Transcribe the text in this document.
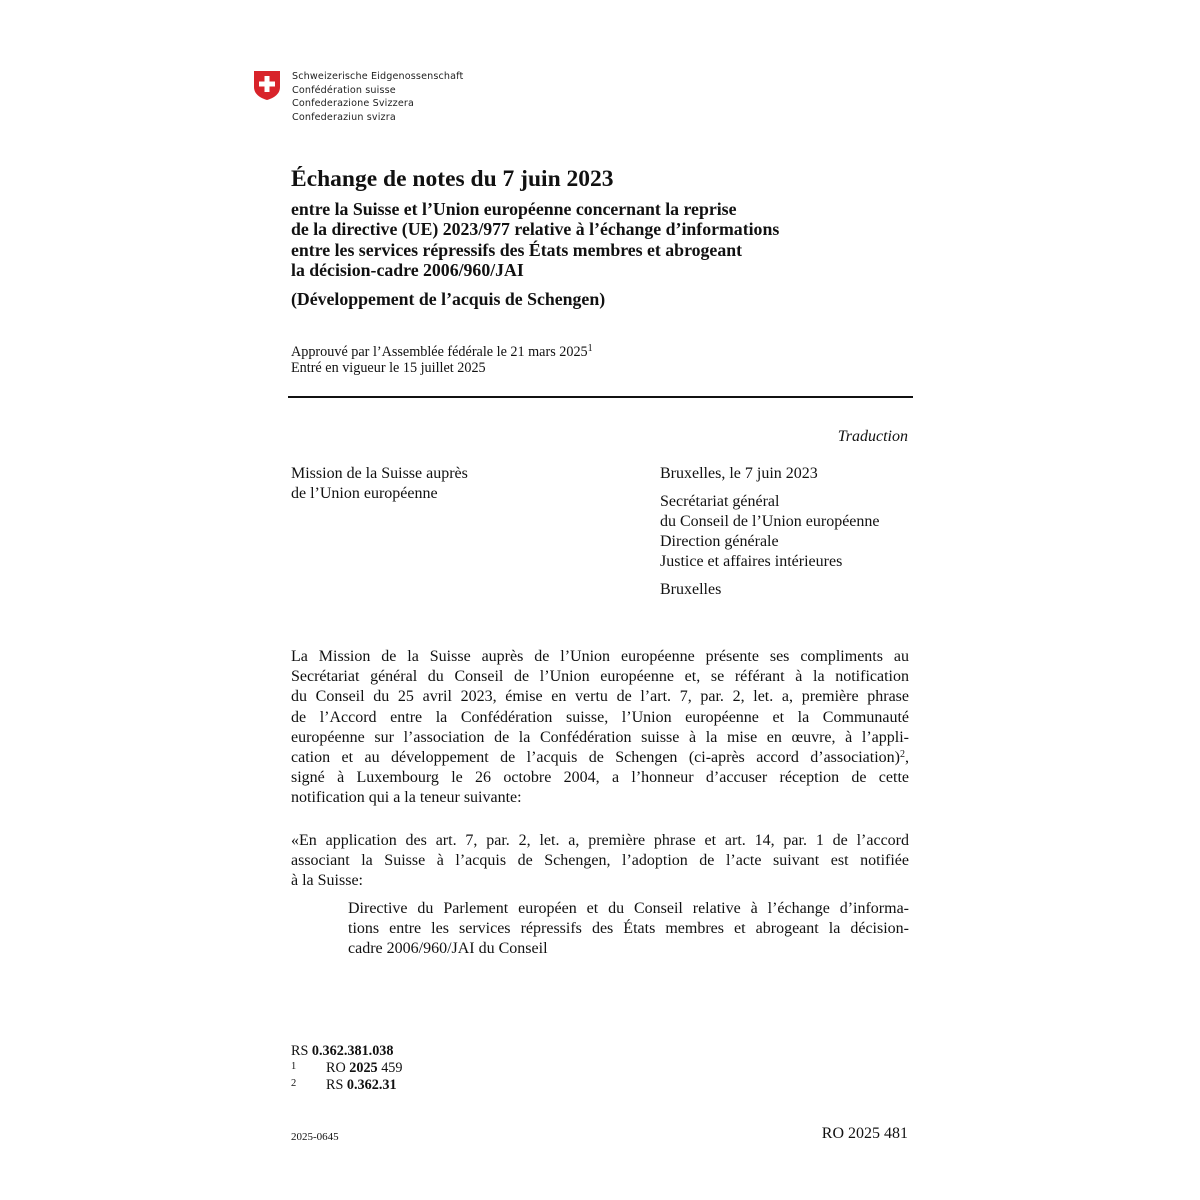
Schweizerische Eidgenossenschaft
Confédération suisse
Confederazione Svizzera
Confederaziun svizra
Échange de notes du 7 juin 2023
entre la Suisse et l’Union européenne concernant la reprise
de la directive (UE) 2023/977 relative à l’échange d’informations
entre les services répressifs des États membres et abrogeant
la décision-cadre 2006/960/JAI
(Développement de l’acquis de Schengen)
Approuvé par l’Assemblée fédérale le 21 mars 2025$^1$
Entré en vigueur le 15 juillet 2025
Traduction
Mission de la Suisse auprès
de l’Union européenne
Bruxelles, le 7 juin 2023
Secrétariat général
du Conseil de l’Union européenne
Direction générale
Justice et affaires intérieures
Bruxelles
La Mission de la Suisse auprès de l’Union européenne présente ses compliments au
Secrétariat général du Conseil de l’Union européenne et, se référant à la notification
du Conseil du 25 avril 2023, émise en vertu de l’art. 7, par. 2, let. a, première phrase
de l’Accord entre la Confédération suisse, l’Union européenne et la Communauté
européenne sur l’association de la Confédération suisse à la mise en œuvre, à l’appli-
cation et au développement de l’acquis de Schengen (ci-après accord d’association)$^2$,
signé à Luxembourg le 26 octobre 2004, a l’honneur d’accuser réception de cette
notification qui a la teneur suivante:
«En application des art. 7, par. 2, let. a, première phrase et art. 14, par. 1 de l’accord
associant la Suisse à l’acquis de Schengen, l’adoption de l’acte suivant est notifiée
à la Suisse:
Directive du Parlement européen et du Conseil relative à l’échange d’informa-
tions entre les services répressifs des États membres et abrogeant la décision-
cadre 2006/960/JAI du Conseil
RS 0.362.381.038
1 RO 2025 459
2 RS 0.362.31
2025-0645	RO 2025 481
